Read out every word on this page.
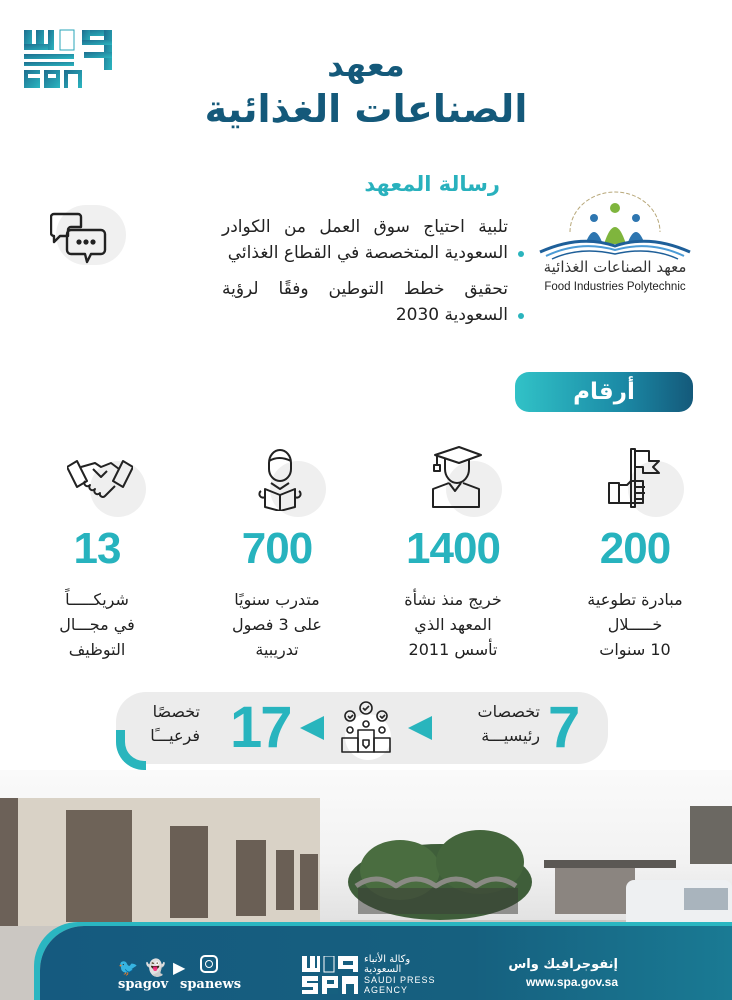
معهد
الصناعات الغذائية
رسالة المعهد
تلبية احتياج سوق العمل من الكوادر السعودية المتخصصة في القطاع الغذائي
تحقيق خطط التوطين وفقًا لرؤية السعودية 2030
معهد الصناعات الغذائية
Food Industries Polytechnic
أرقام
200
مبادرة تطوعية
خـــــلال
10 سنوات
1400
خريج منذ نشأة
المعهد الذي
تأسس 2011
700
متدرب سنويًا
على 3 فصول
تدريبية
13
شريكـــــاً
في مجـــال
التوظيف
7
تخصصات
رئيسيـــة
17
تخصصًا
فرعيـــًا
🐦 👻 ▶
spagov spanews
وكالة الأنباء
السعودية
SAUDI PRESS
AGENCY
إنفوجرافيك واس
www.spa.gov.sa
